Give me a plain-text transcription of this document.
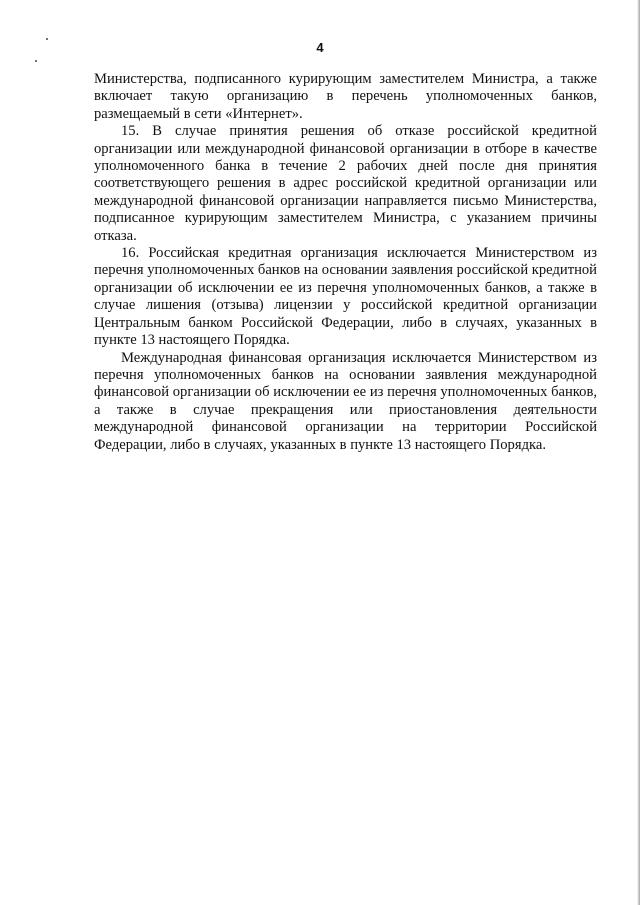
4

Министерства, подписанного курирующим заместителем Министра, а также включает такую организацию в перечень уполномоченных банков, размещаемый в сети «Интернет».

15. В случае принятия решения об отказе российской кредитной организации или международной финансовой организации в отборе в качестве уполномоченного банка в течение 2 рабочих дней после дня принятия соответствующего решения в адрес российской кредитной организации или международной финансовой организации направляется письмо Министерства, подписанное курирующим заместителем Министра, с указанием причины отказа.

16. Российская кредитная организация исключается Министерством из перечня уполномоченных банков на основании заявления российской кредитной организации об исключении ее из перечня уполномоченных банков, а также в случае лишения (отзыва) лицензии у российской кредитной организации Центральным банком Российской Федерации, либо в случаях, указанных в пункте 13 настоящего Порядка.

Международная финансовая организация исключается Министерством из перечня уполномоченных банков на основании заявления международной финансовой организации об исключении ее из перечня уполномоченных банков, а также в случае прекращения или приостановления деятельности международной финансовой организации на территории Российской Федерации, либо в случаях, указанных в пункте 13 настоящего Порядка.
